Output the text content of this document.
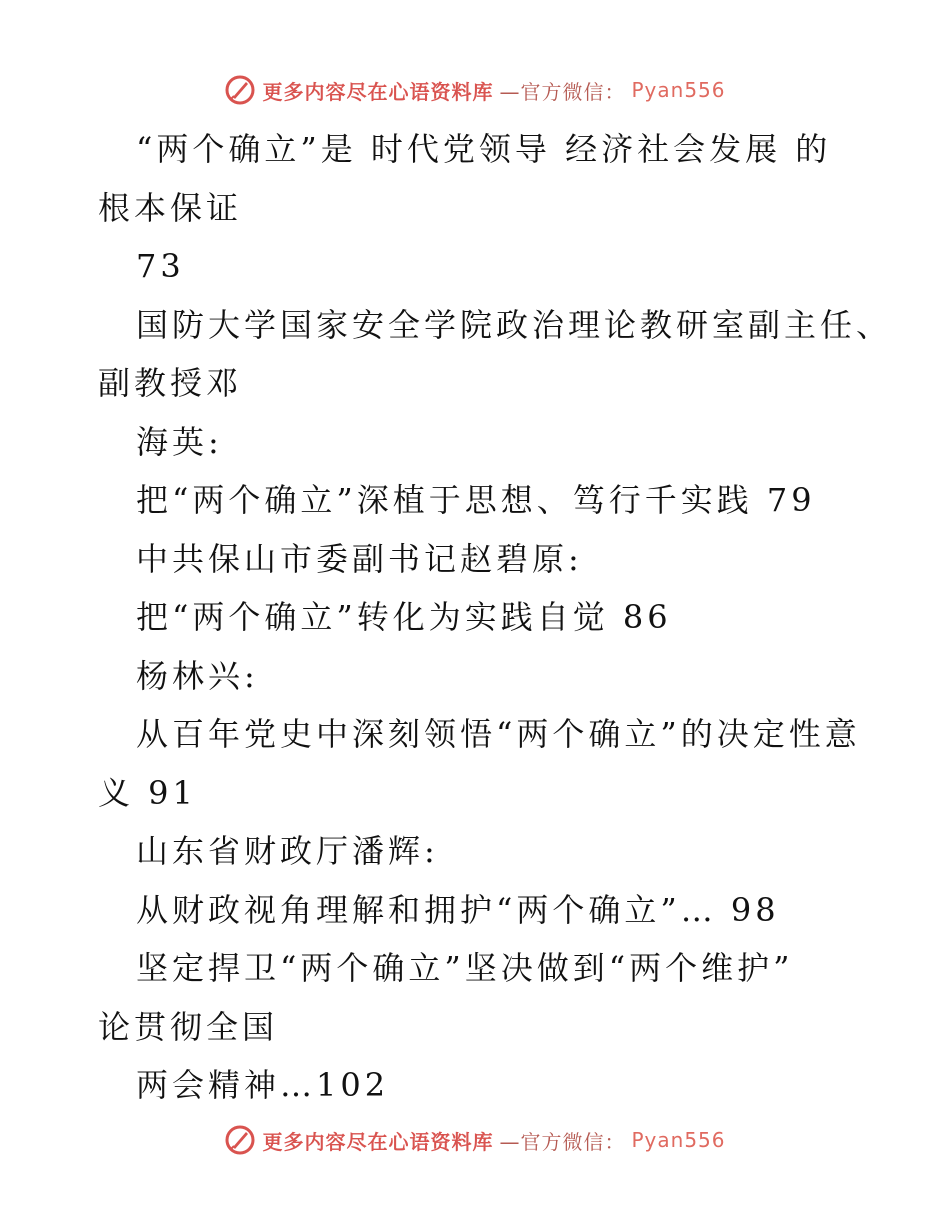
更多内容尽在心语资料库 —官方微信： Pyan556
“两个确立”是 时代党领导 经济社会发展 的
根本保证
73
国防大学国家安全学院政治理论教研室副主任、
副教授邓
海英:
把“两个确立”深植于思想、笃行千实践 79
中共保山市委副书记赵碧原:
把“两个确立”转化为实践自觉 86
杨林兴:
从百年党史中深刻领悟“两个确立”的决定性意
义 91
山东省财政厅潘辉:
从财政视角理解和拥护“两个确立”… 98
坚定捍卫“两个确立”坚决做到“两个维护”
论贯彻全国
两会精神…102
更多内容尽在心语资料库 —官方微信： Pyan556
